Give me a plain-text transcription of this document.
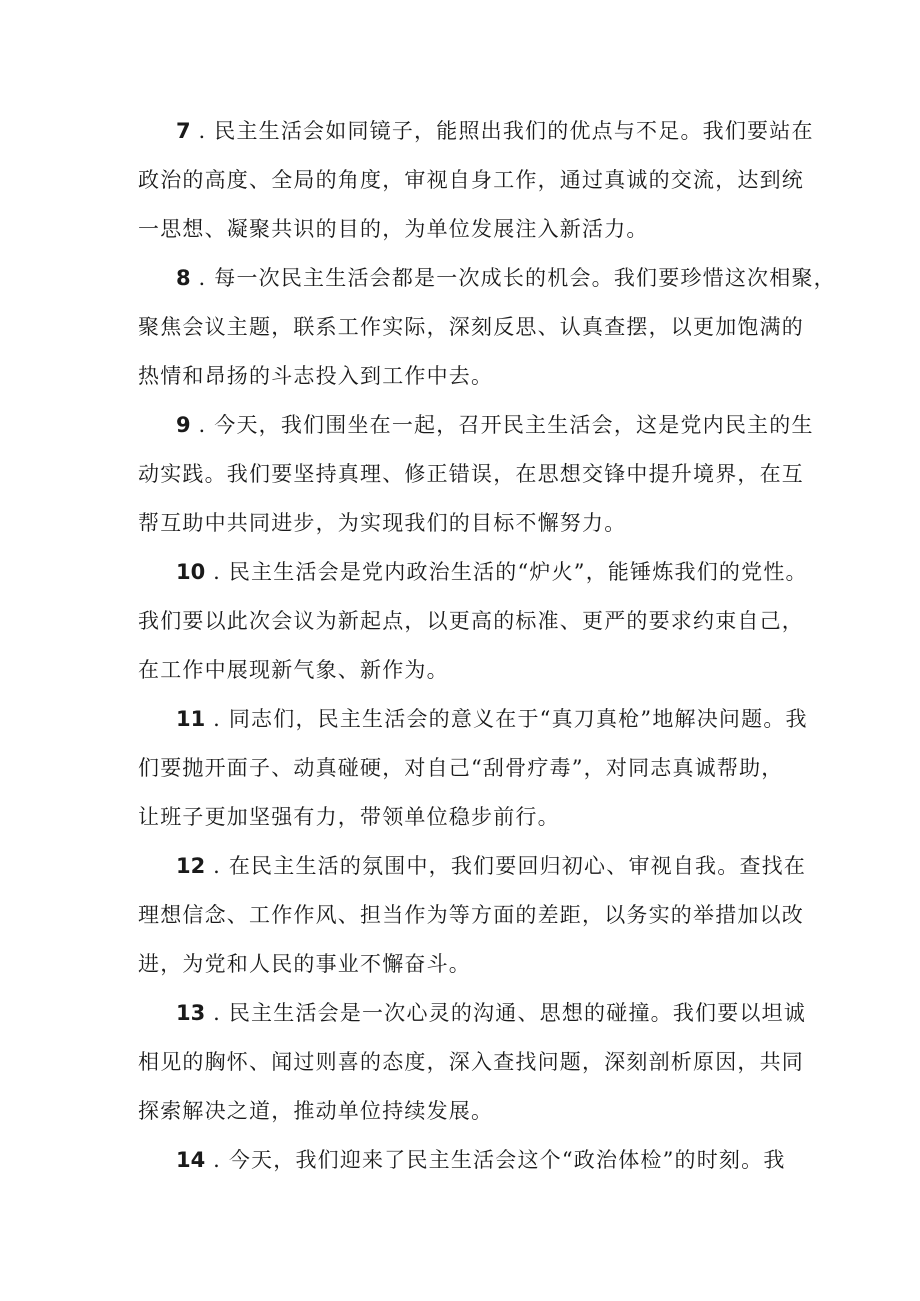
7 . 民主生活会如同镜子，能照出我们的优点与不足。我们要站在
政治的高度、全局的角度，审视自身工作，通过真诚的交流，达到统
一思想、凝聚共识的目的，为单位发展注入新活力。
8 . 每一次民主生活会都是一次成长的机会。我们要珍惜这次相聚，
聚焦会议主题，联系工作实际，深刻反思、认真查摆，以更加饱满的
热情和昂扬的斗志投入到工作中去。
9 . 今天，我们围坐在一起，召开民主生活会，这是党内民主的生
动实践。我们要坚持真理、修正错误，在思想交锋中提升境界，在互
帮互助中共同进步，为实现我们的目标不懈努力。
10 . 民主生活会是党内政治生活的“炉火”，能锤炼我们的党性。
我们要以此次会议为新起点，以更高的标准、更严的要求约束自己，
在工作中展现新气象、新作为。
11 . 同志们，民主生活会的意义在于“真刀真枪”地解决问题。我
们要抛开面子、动真碰硬，对自己“刮骨疗毒”，对同志真诚帮助，
让班子更加坚强有力，带领单位稳步前行。
12 . 在民主生活的氛围中，我们要回归初心、审视自我。查找在
理想信念、工作作风、担当作为等方面的差距，以务实的举措加以改
进，为党和人民的事业不懈奋斗。
13 . 民主生活会是一次心灵的沟通、思想的碰撞。我们要以坦诚
相见的胸怀、闻过则喜的态度，深入查找问题，深刻剖析原因，共同
探索解决之道，推动单位持续发展。
14 . 今天，我们迎来了民主生活会这个“政治体检”的时刻。我
